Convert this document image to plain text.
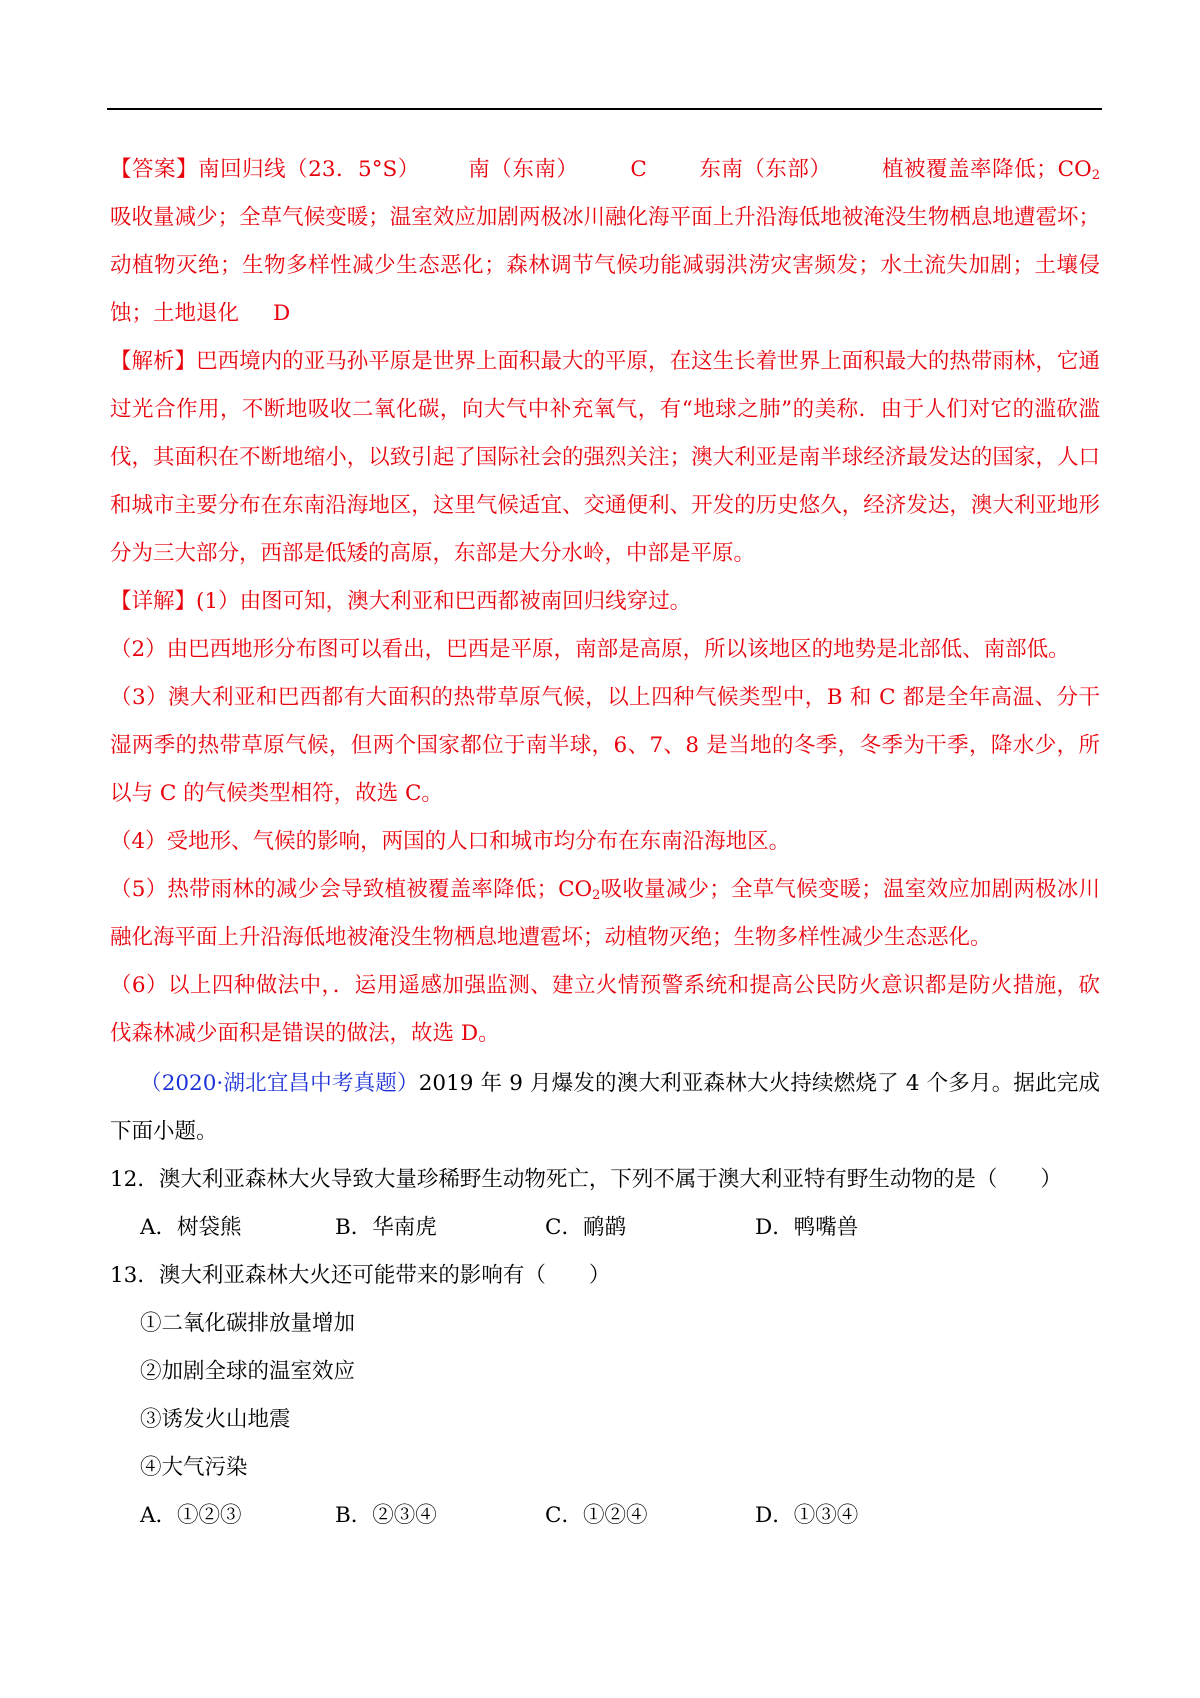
【答案】南回归线（23．5°S） 南（东南） C 东南（东部） 植被覆盖率降低；$CO_2$吸收量减少；全草气候变暖；温室效应加剧两极冰川融化海平面上升沿海低地被淹没生物栖息地遭雹坏；动植物灭绝；生物多样性减少生态恶化；森林调节气候功能减弱洪涝灾害频发；水土流失加剧；土壤侵蚀；土地退化 D

【解析】巴西境内的亚马孙平原是世界上面积最大的平原，在这生长着世界上面积最大的热带雨林，它通过光合作用，不断地吸收二氧化碳，向大气中补充氧气，有“地球之肺”的美称．由于人们对它的滥砍滥伐，其面积在不断地缩小，以致引起了国际社会的强烈关注；澳大利亚是南半球经济最发达的国家，人口和城市主要分布在东南沿海地区，这里气候适宜、交通便利、开发的历史悠久，经济发达，澳大利亚地形分为三大部分，西部是低矮的高原，东部是大分水岭，中部是平原。

【详解】(1）由图可知，澳大利亚和巴西都被南回归线穿过。

（2）由巴西地形分布图可以看出，巴西是平原，南部是高原，所以该地区的地势是北部低、南部低。

（3）澳大利亚和巴西都有大面积的热带草原气候，以上四种气候类型中，B 和 C 都是全年高温、分干湿两季的热带草原气候，但两个国家都位于南半球，6、7、8 是当地的冬季，冬季为干季，降水少，所以与 C 的气候类型相符，故选 C。

（4）受地形、气候的影响，两国的人口和城市均分布在东南沿海地区。

（5）热带雨林的减少会导致植被覆盖率降低；$CO_2$吸收量减少；全草气候变暖；温室效应加剧两极冰川融化海平面上升沿海低地被淹没生物栖息地遭雹坏；动植物灭绝；生物多样性减少生态恶化。

（6）以上四种做法中，．运用遥感加强监测、建立火情预警系统和提高公民防火意识都是防火措施，砍伐森林减少面积是错误的做法，故选 D。

（2020·湖北宜昌中考真题）2019 年 9 月爆发的澳大利亚森林大火持续燃烧了 4 个多月。据此完成下面小题。

12．澳大利亚森林大火导致大量珍稀野生动物死亡，下列不属于澳大利亚特有野生动物的是（　　）

A．树袋熊	B．华南虎	C．鸸鹋	D．鸭嘴兽

13．澳大利亚森林大火还可能带来的影响有（　　）

①二氧化碳排放量增加
②加剧全球的温室效应
③诱发火山地震
④大气污染
A．①②③	B．②③④	C．①②④	D．①③④
